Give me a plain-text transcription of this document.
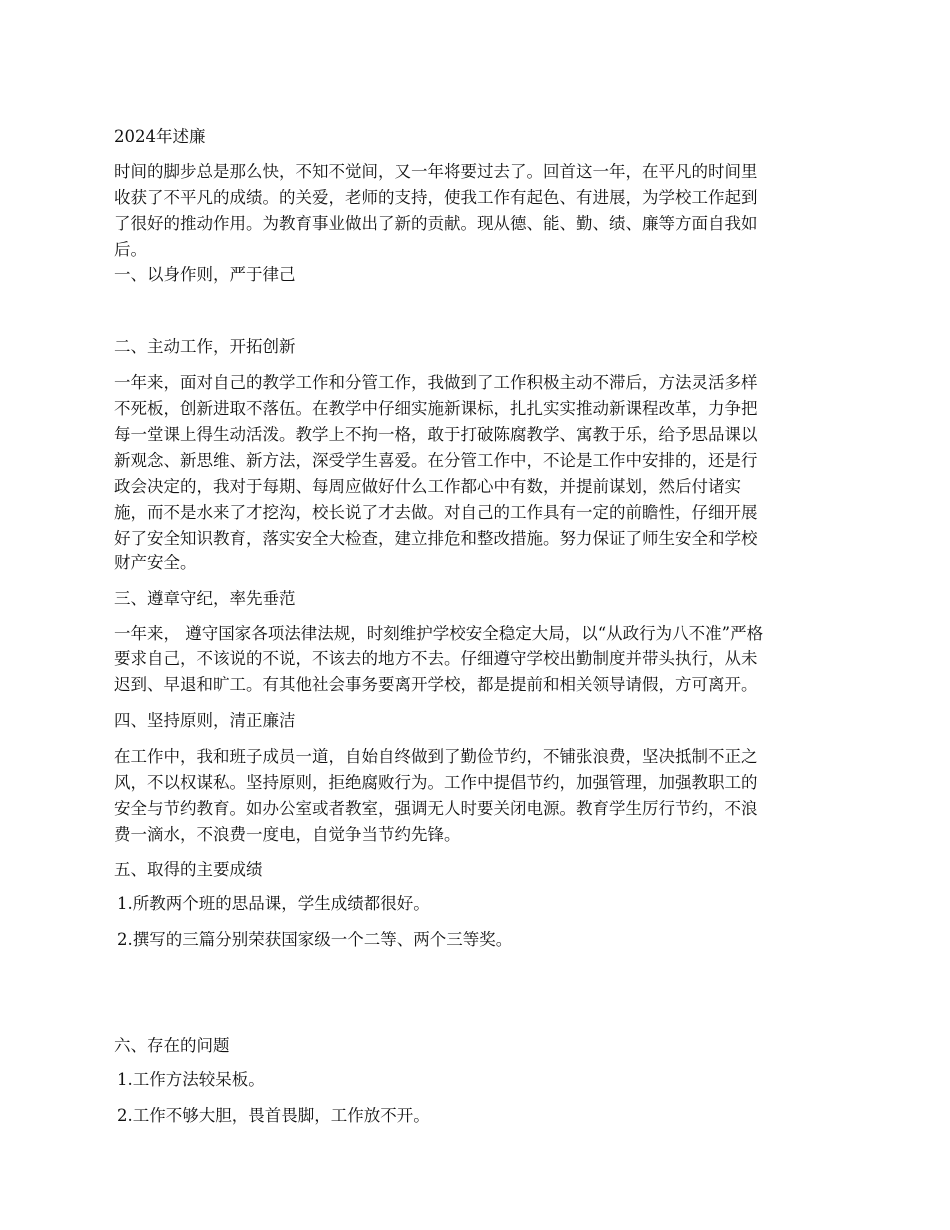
2024年述廉
时间的脚步总是那么快，不知不觉间，又一年将要过去了。回首这一年，在平凡的时间里
收获了不平凡的成绩。的关爱，老师的支持，使我工作有起色、有进展，为学校工作起到
了很好的推动作用。为教育事业做出了新的贡献。现从德、能、勤、绩、廉等方面自我如
后。
一、以身作则，严于律己
二、主动工作，开拓创新
一年来，面对自己的教学工作和分管工作，我做到了工作积极主动不滞后，方法灵活多样
不死板，创新进取不落伍。在教学中仔细实施新课标，扎扎实实推动新课程改革，力争把
每一堂课上得生动活泼。教学上不拘一格，敢于打破陈腐教学、寓教于乐，给予思品课以
新观念、新思维、新方法，深受学生喜爱。在分管工作中，不论是工作中安排的，还是行
政会决定的，我对于每期、每周应做好什么工作都心中有数，并提前谋划，然后付诸实
施，而不是水来了才挖沟，校长说了才去做。对自己的工作具有一定的前瞻性，仔细开展
好了安全知识教育，落实安全大检查，建立排危和整改措施。努力保证了师生安全和学校
财产安全。
三、遵章守纪，率先垂范
一年来， 遵守国家各项法律法规，时刻维护学校安全稳定大局，以“从政行为八不准”严格
要求自己，不该说的不说，不该去的地方不去。仔细遵守学校出勤制度并带头执行，从未
迟到、早退和旷工。有其他社会事务要离开学校，都是提前和相关领导请假，方可离开。
四、坚持原则，清正廉洁
在工作中，我和班子成员一道，自始自终做到了勤俭节约，不铺张浪费，坚决抵制不正之
风，不以权谋私。坚持原则，拒绝腐败行为。工作中提倡节约，加强管理，加强教职工的
安全与节约教育。如办公室或者教室，强调无人时要关闭电源。教育学生厉行节约，不浪
费一滴水，不浪费一度电，自觉争当节约先锋。
五、取得的主要成绩
1.所教两个班的思品课，学生成绩都很好。
2.撰写的三篇分别荣获国家级一个二等、两个三等奖。
六、存在的问题
1.工作方法较呆板。
2.工作不够大胆，畏首畏脚，工作放不开。
